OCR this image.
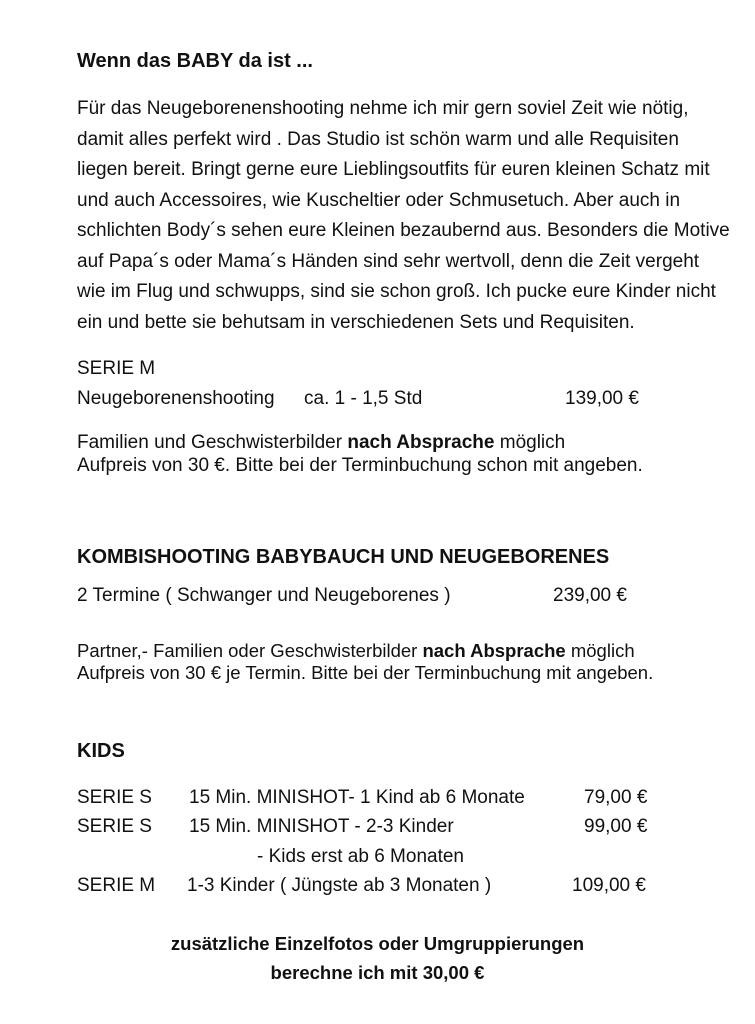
Wenn das BABY da ist ...
Für das Neugeborenenshooting nehme ich mir gern soviel Zeit wie nötig,
damit alles perfekt wird . Das Studio ist schön warm und alle Requisiten
liegen bereit. Bringt gerne eure Lieblingsoutfits für euren kleinen Schatz mit
und auch Accessoires, wie Kuscheltier oder Schmusetuch. Aber auch in
schlichten Body´s sehen eure Kleinen bezaubernd aus. Besonders die Motive
auf Papa´s oder Mama´s Händen sind sehr wertvoll, denn die Zeit vergeht
wie im Flug und schwupps, sind sie schon groß. Ich pucke eure Kinder nicht
ein und bette sie behutsam in verschiedenen Sets und Requisiten.
SERIE M
Neugeborenenshooting ca. 1 - 1,5 Std	139,00 €
Familien und Geschwisterbilder nach Absprache möglich
Aufpreis von 30 €. Bitte bei der Terminbuchung schon mit angeben.
KOMBISHOOTING BABYBAUCH UND NEUGEBORENES
2 Termine ( Schwanger und Neugeborenes )	239,00 €
Partner,- Familien oder Geschwisterbilder nach Absprache möglich
Aufpreis von 30 € je Termin. Bitte bei der Terminbuchung mit angeben.
KIDS
SERIE S 15 Min. MINISHOT- 1 Kind ab 6 Monate	79,00 €
SERIE S 15 Min. MINISHOT - 2-3 Kinder	99,00 €
- Kids erst ab 6 Monaten
SERIE M 1-3 Kinder ( Jüngste ab 3 Monaten )	109,00 €
zusätzliche Einzelfotos oder Umgruppierungen
berechne ich mit 30,00 €
